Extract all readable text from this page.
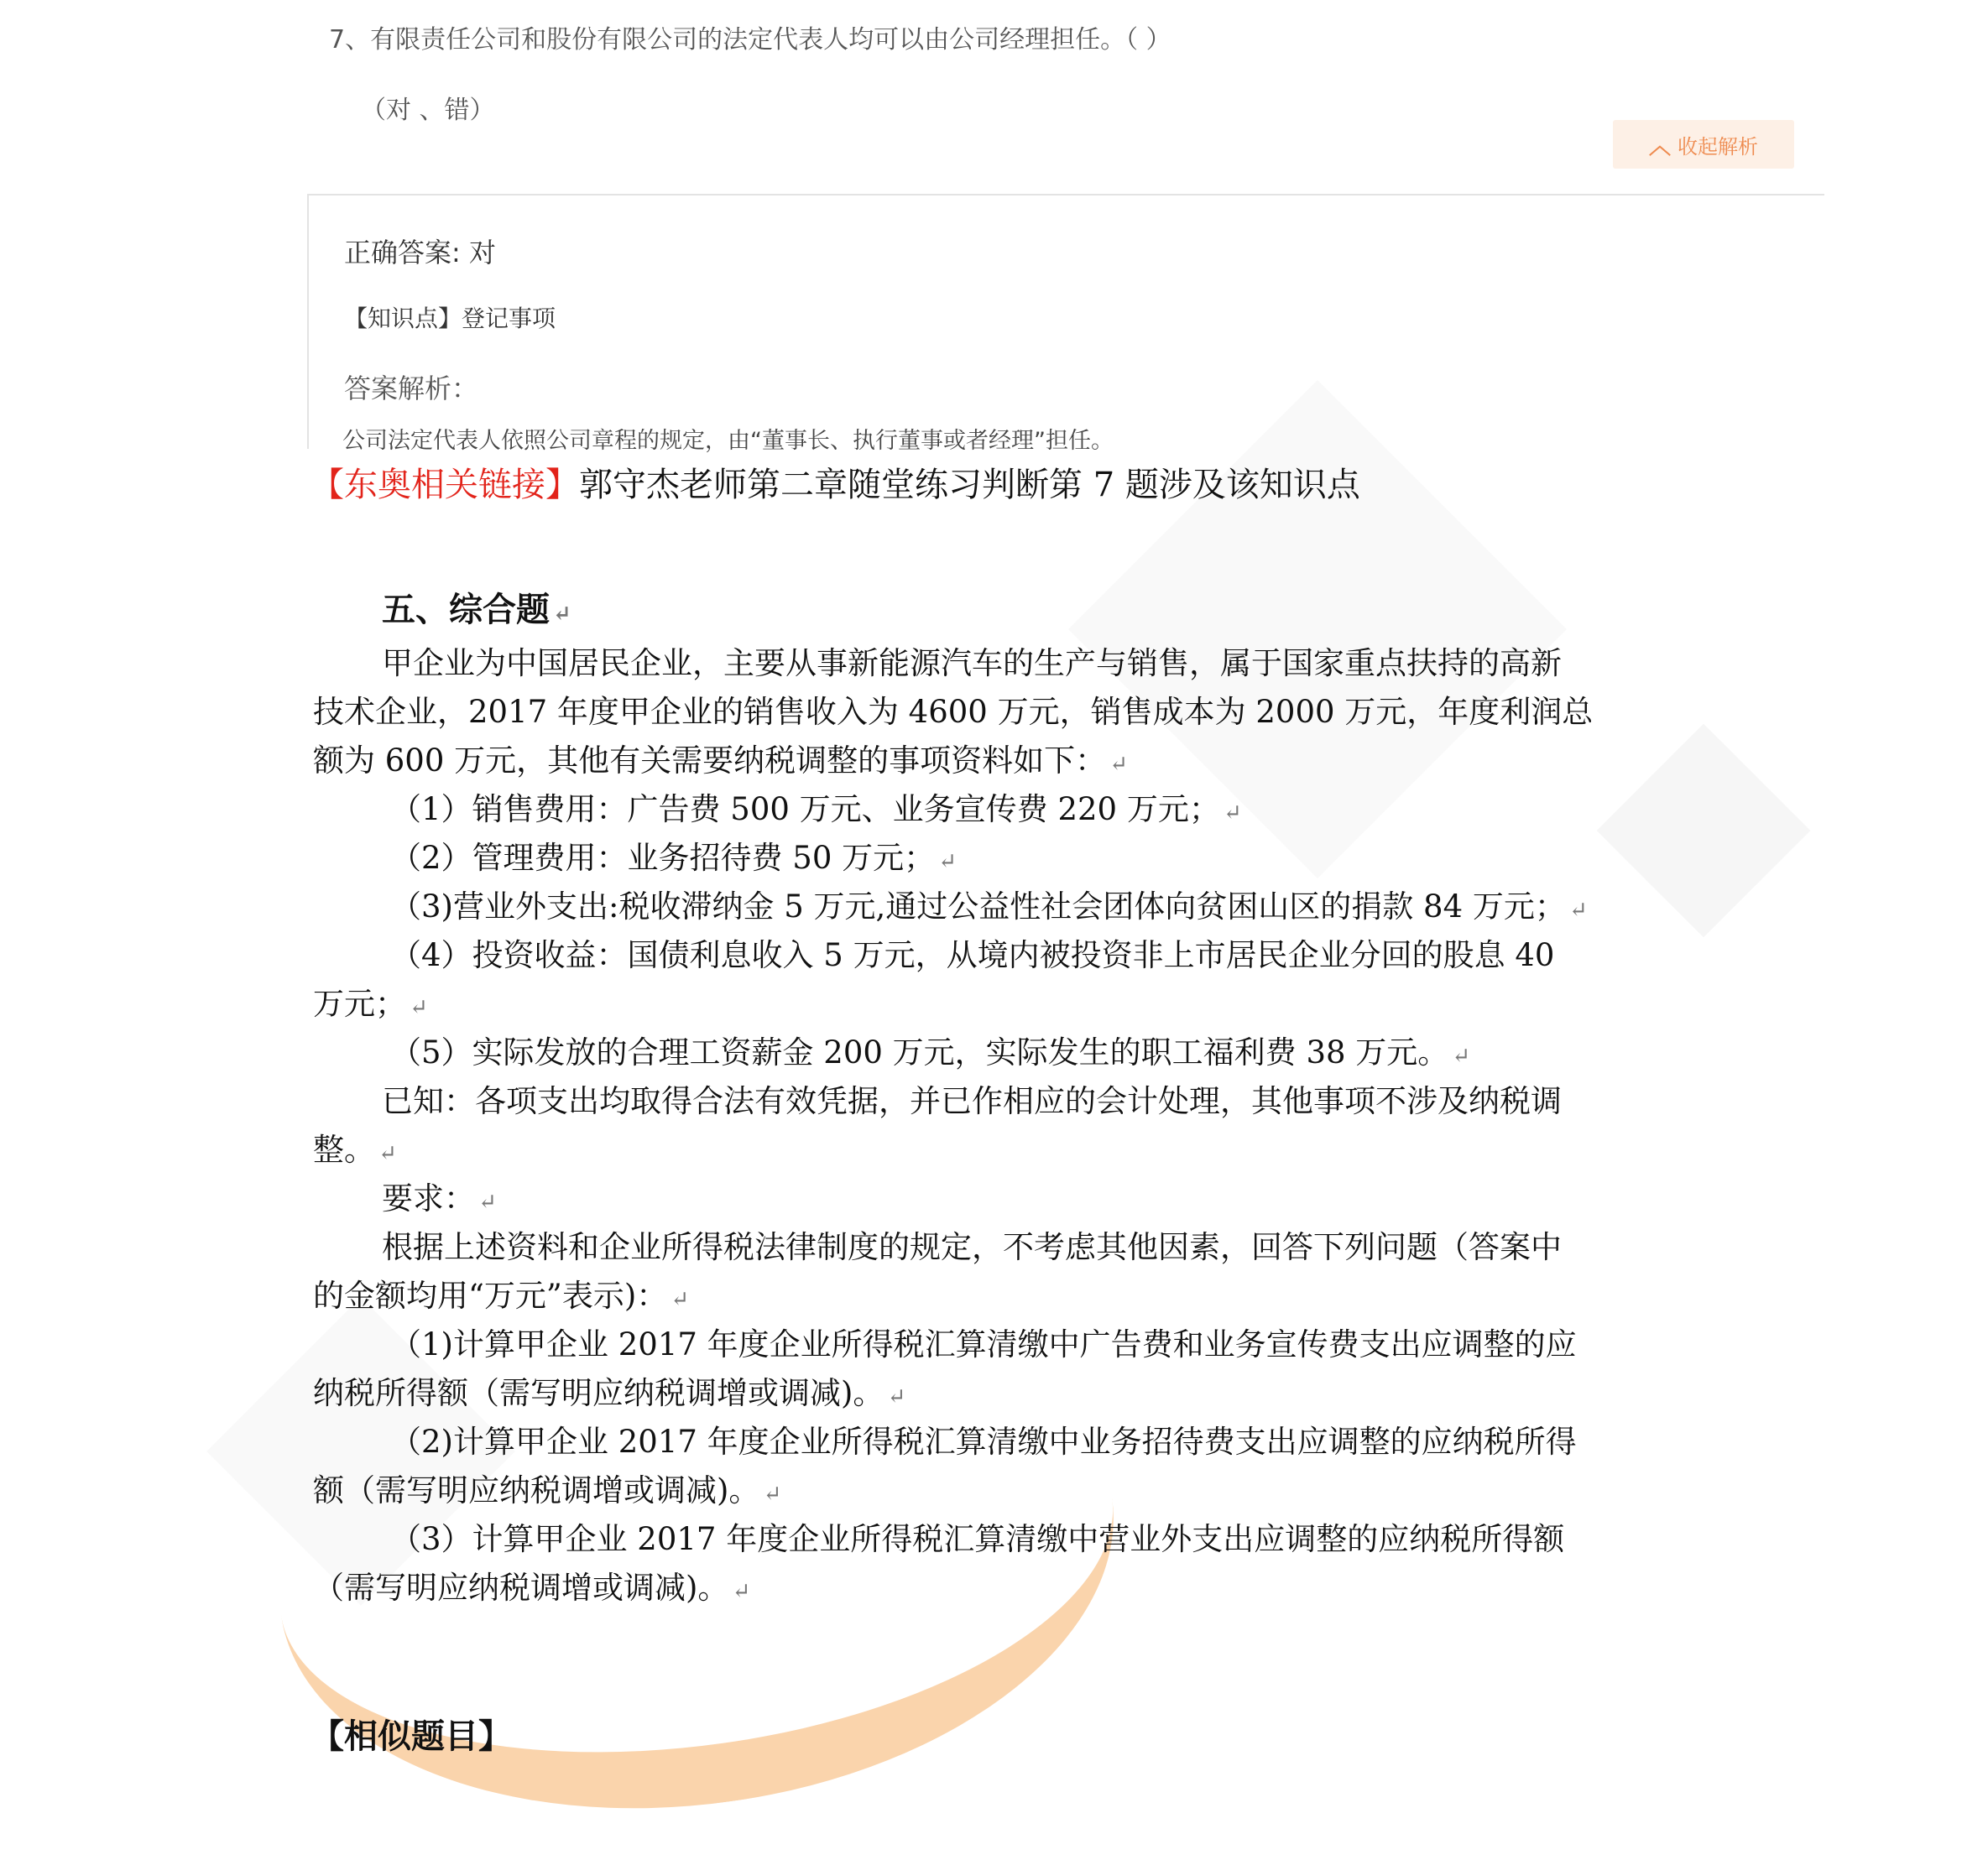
7、有限责任公司和股份有限公司的法定代表人均可以由公司经理担任。（ ）
（对 、错）
︿ 收起解析
正确答案: 对
【知识点】登记事项
答案解析：
公司法定代表人依照公司章程的规定，由“董事长、执行董事或者经理”担任。
【东奥相关链接】郭守杰老师第二章随堂练习判断第 7 题涉及该知识点
五、综合题 ↵
甲企业为中国居民企业，主要从事新能源汽车的生产与销售，属于国家重点扶持的高新
技术企业，2017 年度甲企业的销售收入为 4600 万元，销售成本为 2000 万元，年度利润总
额为 600 万元，其他有关需要纳税调整的事项资料如下： ↵
（1）销售费用：广告费 500 万元、业务宣传费 220 万元； ↵
（2）管理费用：业务招待费 50 万元； ↵
（3)营业外支出:税收滞纳金 5 万元,通过公益性社会团体向贫困山区的捐款 84 万元； ↵
（4）投资收益：国债利息收入 5 万元，从境内被投资非上市居民企业分回的股息 40
万元； ↵
（5）实际发放的合理工资薪金 200 万元，实际发生的职工福利费 38 万元。 ↵
已知：各项支出均取得合法有效凭据，并已作相应的会计处理，其他事项不涉及纳税调
整。 ↵
要求： ↵
根据上述资料和企业所得税法律制度的规定，不考虑其他因素，回答下列问题（答案中
的金额均用“万元”表示)： ↵
（1)计算甲企业 2017 年度企业所得税汇算清缴中广告费和业务宣传费支出应调整的应
纳税所得额（需写明应纳税调增或调减)。 ↵
（2)计算甲企业 2017 年度企业所得税汇算清缴中业务招待费支出应调整的应纳税所得
额（需写明应纳税调增或调减)。 ↵
（3）计算甲企业 2017 年度企业所得税汇算清缴中营业外支出应调整的应纳税所得额
（需写明应纳税调增或调减)。 ↵
【相似题目】
